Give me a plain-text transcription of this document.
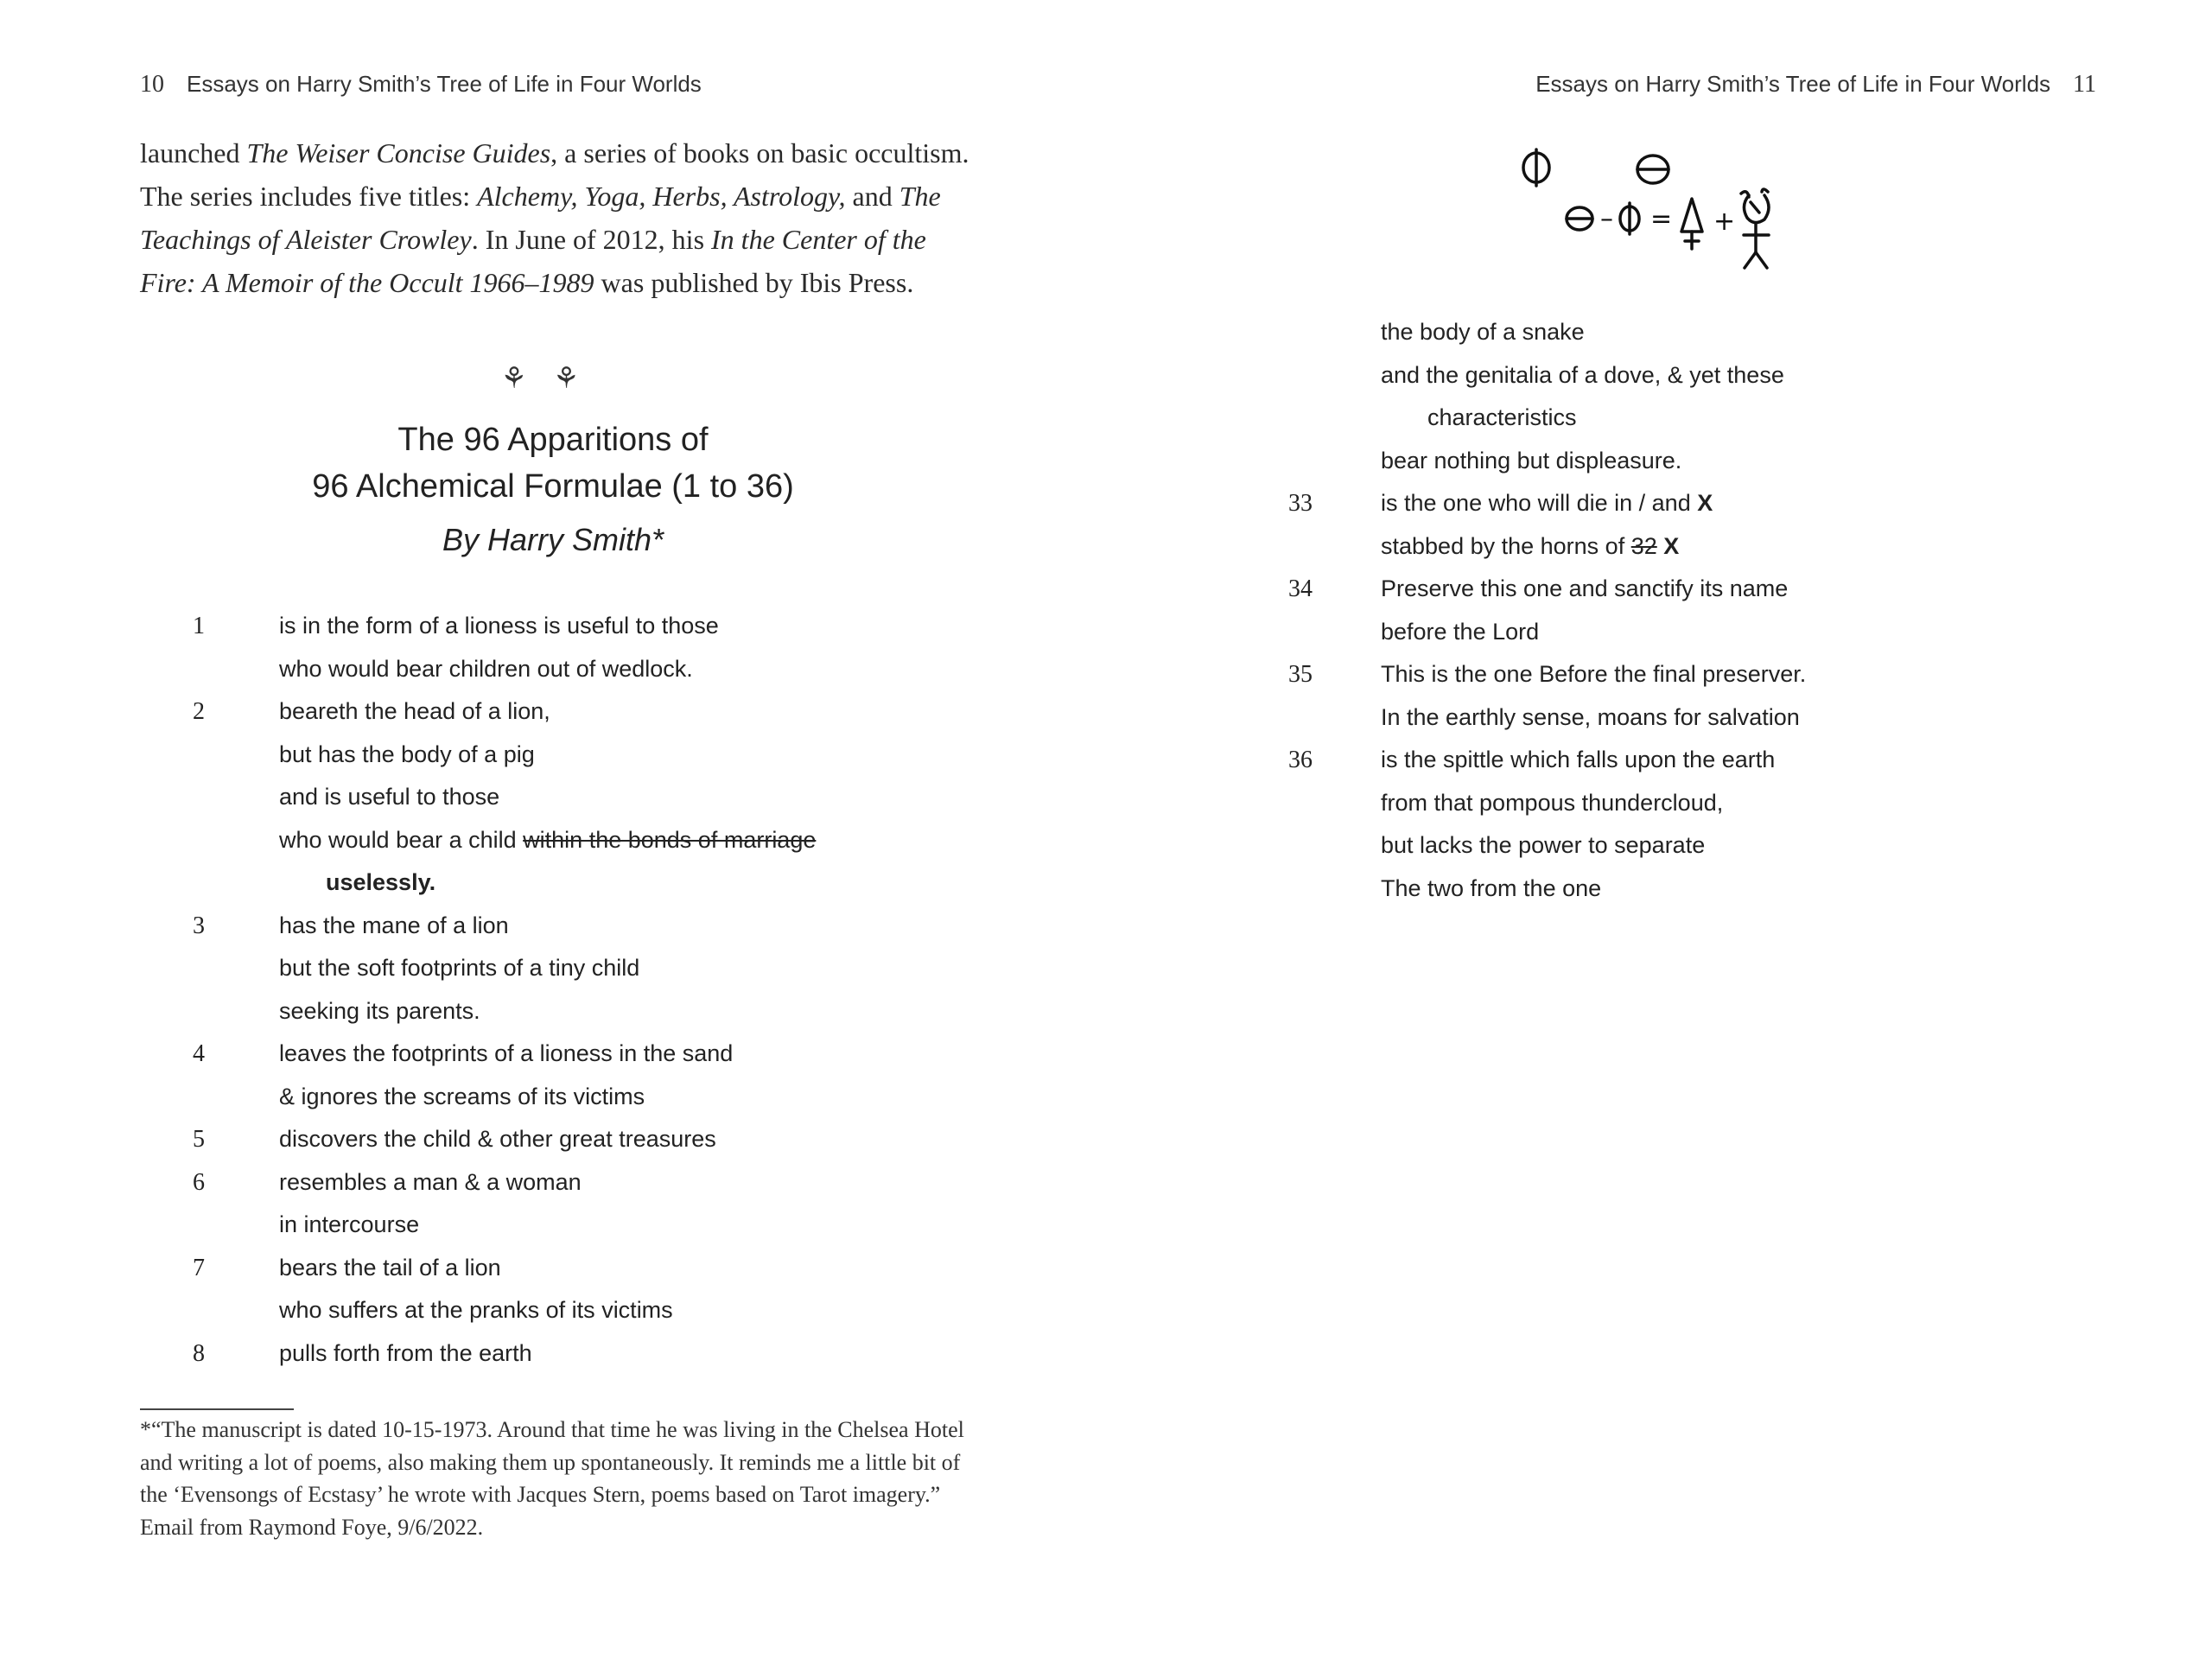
10 Essays on Harry Smith’s Tree of Life in Four Worlds
launched The Weiser Concise Guides, a series of books on basic occultism. The series includes five titles: Alchemy, Yoga, Herbs, Astrology, and The Teachings of Aleister Crowley. In June of 2012, his In the Center of the Fire: A Memoir of the Occult 1966–1989 was published by Ibis Press.
⚘⚘
The 96 Apparitions of
96 Alchemical Formulae (1 to 36)
By Harry Smith*
1	is in the form of a lioness is useful to those
who would bear children out of wedlock.
2	beareth the head of a lion,
but has the body of a pig
and is useful to those
who would bear a child within the bonds of marriage
uselessly.
3	has the mane of a lion
but the soft footprints of a tiny child
seeking its parents.
4	leaves the footprints of a lioness in the sand
& ignores the screams of its victims
5	discovers the child & other great treasures
6	resembles a man & a woman
in intercourse
7	bears the tail of a lion
who suffers at the pranks of its victims
8	pulls forth from the earth
*“The manuscript is dated 10-15-1973. Around that time he was living in the Chelsea Hotel and writing a lot of poems, also making them up spontaneously. It reminds me a little bit of the ‘Evensongs of Ecstasy’ he wrote with Jacques Stern, poems based on Tarot imagery.” Email from Raymond Foye, 9/6/2022.
Essays on Harry Smith’s Tree of Life in Four Worlds 11
– = +
the body of a snake
and the genitalia of a dove, & yet these
characteristics
bear nothing but displeasure.
33	is the one who will die in / and X
stabbed by the horns of 32 X
34	Preserve this one and sanctify its name
before the Lord
35	This is the one Before the final preserver.
In the earthly sense, moans for salvation
36	is the spittle which falls upon the earth
from that pompous thundercloud,
but lacks the power to separate
The two from the one
